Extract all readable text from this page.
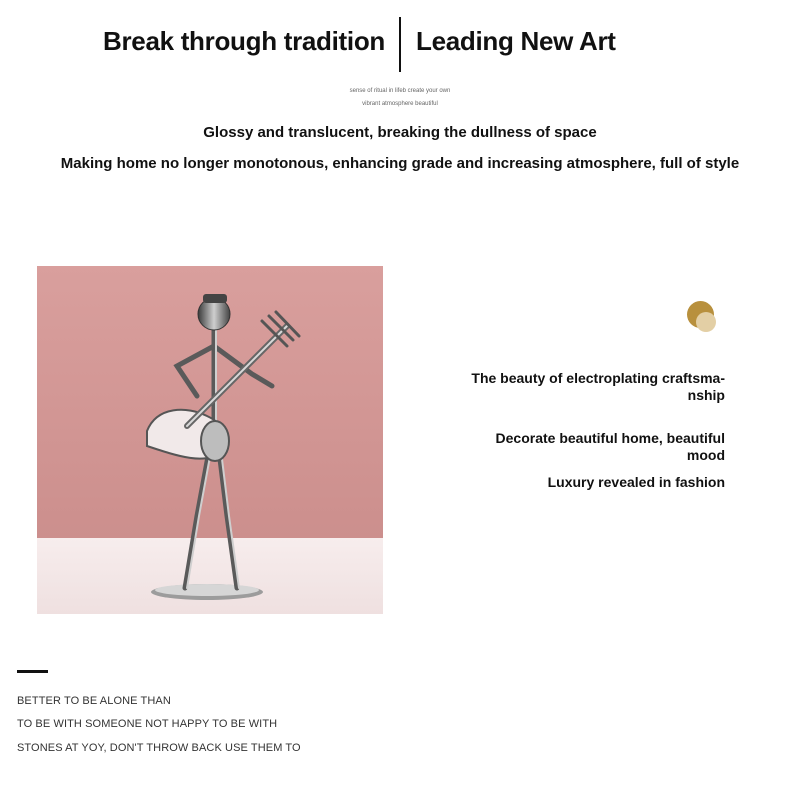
Break through tradition Leading New Art
sense of ritual in lifeb create your own
vibrant atmosphere beautiful
Glossy and translucent, breaking the dullness of space
Making home no longer monotonous, enhancing grade and increasing atmosphere, full of style
The beauty of electroplating craftsma-nship
Decorate beautiful home, beautiful mood
Luxury revealed in fashion
BETTER TO BE ALONE THAN
TO BE WITH SOMEONE NOT HAPPY TO BE WITH
STONES AT YOY, DON'T THROW BACK USE THEM TO
